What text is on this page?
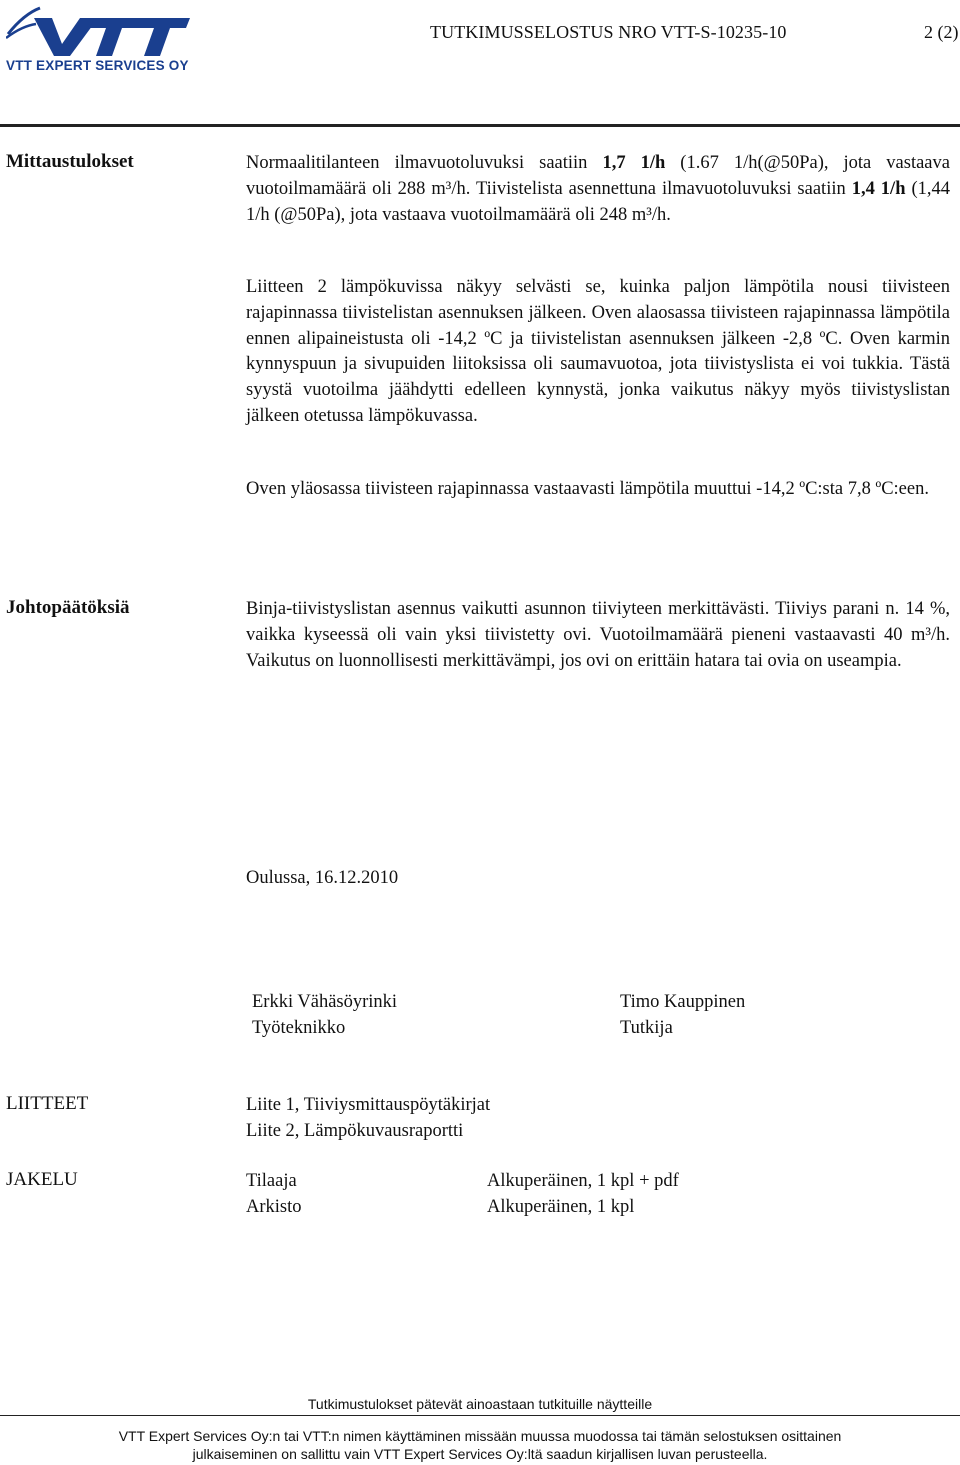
VTT EXPERT SERVICES OY
TUTKIMUSSELOSTUS NRO VTT-S-10235-10	2 (2)
Mittaustulokset	Normaalitilanteen ilmavuotoluvuksi saatiin 1,7 1/h (1.67 1/h(@50Pa), jota vastaava vuotoilmamäärä oli 288 m³/h. Tiivistelista asennettuna ilmavuotoluvuksi saatiin 1,4 1/h (1,44 1/h (@50Pa), jota vastaava vuotoilmamäärä oli 248 m³/h.
Liitteen 2 lämpökuvissa näkyy selvästi se, kuinka paljon lämpötila nousi tiivisteen rajapinnassa tiivistelistan asennuksen jälkeen. Oven alaosassa tiivisteen rajapinnassa lämpötila ennen alipaineistusta oli -14,2 ºC ja tiivistelistan asennuksen jälkeen -2,8 ºC. Oven karmin kynnyspuun ja sivupuiden liitoksissa oli saumavuotoa, jota tiivistyslista ei voi tukkia. Tästä syystä vuotoilma jäähdytti edelleen kynnystä, jonka vaikutus näkyy myös tiivistyslistan jälkeen otetussa lämpökuvassa.
Oven yläosassa tiivisteen rajapinnassa vastaavasti lämpötila muuttui -14,2 ºC:sta 7,8 ºC:een.
Johtopäätöksiä	Binja-tiivistyslistan asennus vaikutti asunnon tiiviyteen merkittävästi. Tiiviys parani n. 14 %, vaikka kyseessä oli vain yksi tiivistetty ovi. Vuotoilmamäärä pieneni vastaavasti 40 m³/h. Vaikutus on luonnollisesti merkittävämpi, jos ovi on erittäin hatara tai ovia on useampia.
Oulussa, 16.12.2010
Erkki Vähäsöyrinki
Työteknikko
Timo Kauppinen
Tutkija
LIITTEET	Liite 1, Tiiviysmittauspöytäkirjat
Liite 2, Lämpökuvausraportti
JAKELU	Tilaaja	Alkuperäinen, 1 kpl + pdf
Arkisto	Alkuperäinen, 1 kpl
Tutkimustulokset pätevät ainoastaan tutkituille näytteille
VTT Expert Services Oy:n tai VTT:n nimen käyttäminen missään muussa muodossa tai tämän selostuksen osittainen
julkaiseminen on sallittu vain VTT Expert Services Oy:ltä saadun kirjallisen luvan perusteella.
